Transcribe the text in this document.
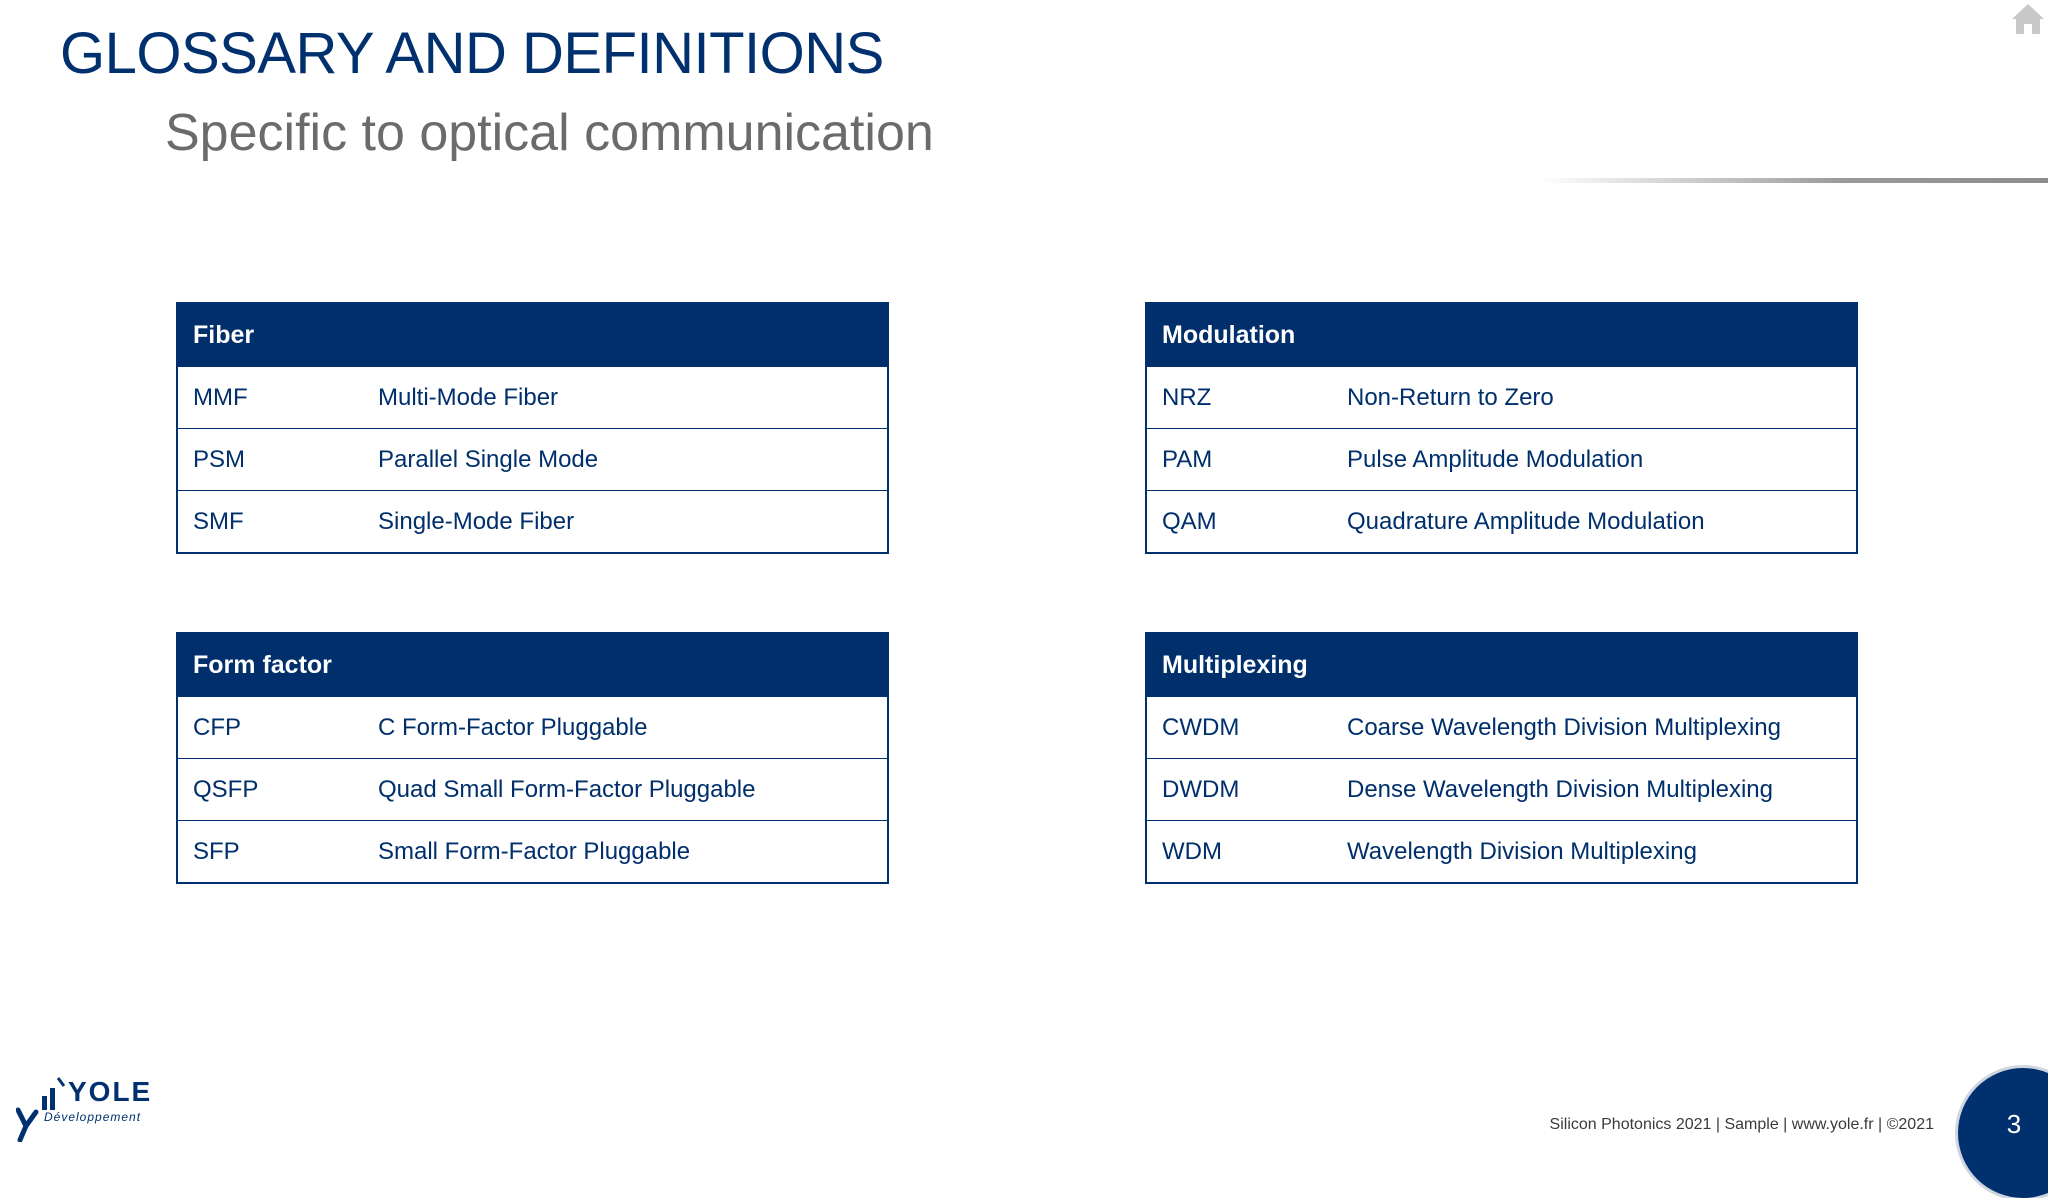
GLOSSARY AND DEFINITIONS
Specific to optical communication
Fiber
MMF	Multi-Mode Fiber
PSM	Parallel Single Mode
SMF	Single-Mode Fiber
Modulation
NRZ	Non-Return to Zero
PAM	Pulse Amplitude Modulation
QAM	Quadrature Amplitude Modulation
Form factor
CFP	C Form-Factor Pluggable
QSFP	Quad Small Form-Factor Pluggable
SFP	Small Form-Factor Pluggable
Multiplexing
CWDM	Coarse Wavelength Division Multiplexing
DWDM	Dense Wavelength Division Multiplexing
WDM	Wavelength Division Multiplexing
YOLE
Développement	Silicon Photonics 2021 | Sample | www.yole.fr | ©2021	3
